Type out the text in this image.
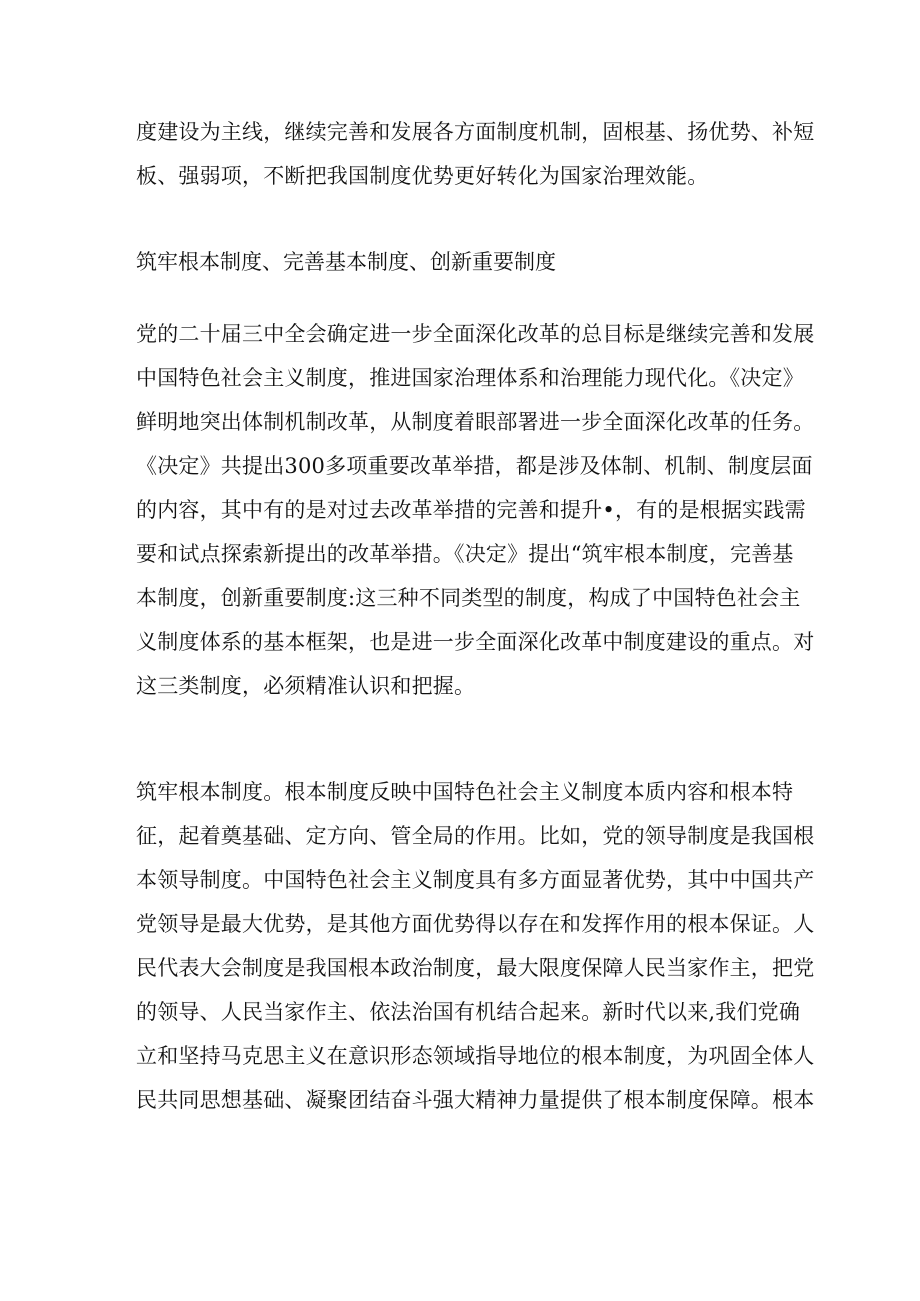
度建设为主线，继续完善和发展各方面制度机制，固根基、扬优势、补短
板、强弱项，不断把我国制度优势更好转化为国家治理效能。
筑牢根本制度、完善基本制度、创新重要制度
党的二十届三中全会确定进一步全面深化改革的总目标是继续完善和发展
中国特色社会主义制度，推进国家治理体系和治理能力现代化。《决定》
鲜明地突出体制机制改革，从制度着眼部署进一步全面深化改革的任务。
《决定》共提出300多项重要改革举措，都是涉及体制、机制、制度层面
的内容，其中有的是对过去改革举措的完善和提升•，有的是根据实践需
要和试点探索新提出的改革举措。《决定》提出“筑牢根本制度，完善基
本制度，创新重要制度:这三种不同类型的制度，构成了中国特色社会主
义制度体系的基本框架，也是进一步全面深化改革中制度建设的重点。对
这三类制度，必须精准认识和把握。
筑牢根本制度。根本制度反映中国特色社会主义制度本质内容和根本特
征，起着奠基础、定方向、管全局的作用。比如，党的领导制度是我国根
本领导制度。中国特色社会主义制度具有多方面显著优势，其中中国共产
党领导是最大优势，是其他方面优势得以存在和发挥作用的根本保证。人
民代表大会制度是我国根本政治制度，最大限度保障人民当家作主，把党
的领导、人民当家作主、依法治国有机结合起来。新时代以来,我们党确
立和坚持马克思主义在意识形态领域指导地位的根本制度，为巩固全体人
民共同思想基础、凝聚团结奋斗强大精神力量提供了根本制度保障。根本
